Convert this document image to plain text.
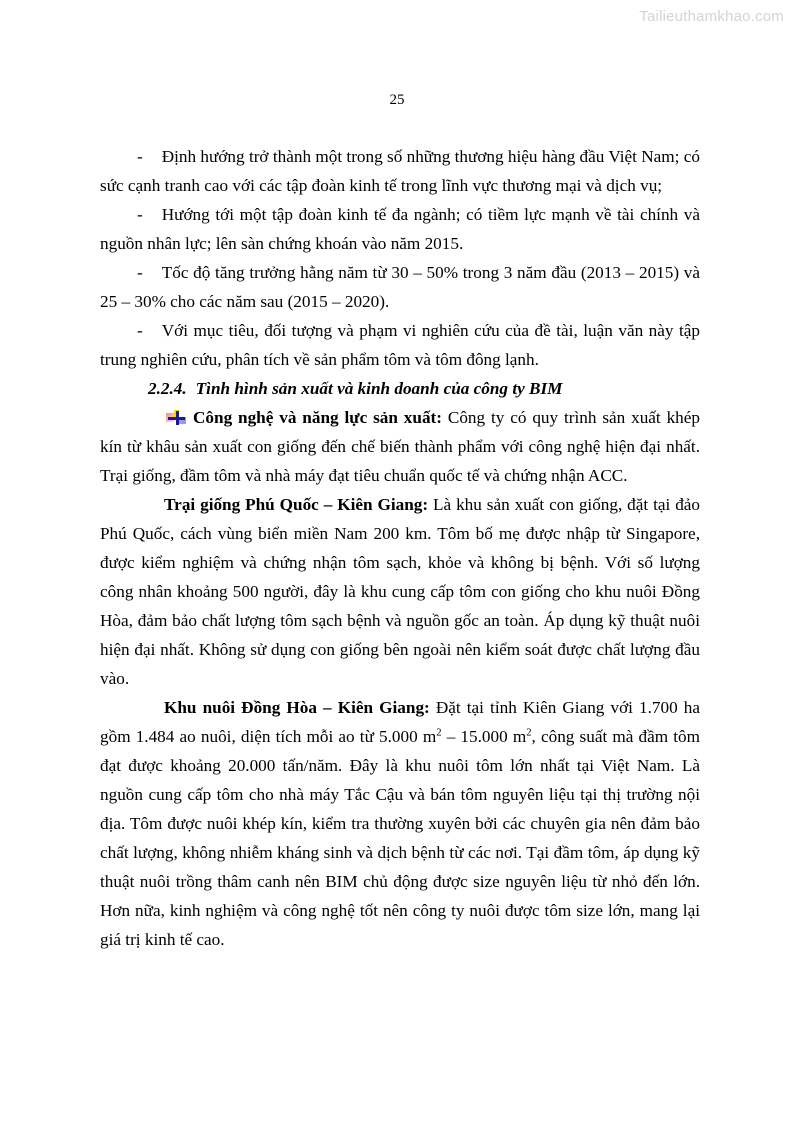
Tailieuthamkhao.com
25

- Định hướng trở thành một trong số những thương hiệu hàng đầu Việt Nam; có sức cạnh tranh cao với các tập đoàn kinh tế trong lĩnh vực thương mại và dịch vụ;

- Hướng tới một tập đoàn kinh tế đa ngành; có tiềm lực mạnh về tài chính và nguồn nhân lực; lên sàn chứng khoán vào năm 2015.

- Tốc độ tăng trưởng hằng năm từ 30 – 50% trong 3 năm đầu (2013 – 2015) và 25 – 30% cho các năm sau (2015 – 2020).

- Với mục tiêu, đối tượng và phạm vi nghiên cứu của đề tài, luận văn này tập trung nghiên cứu, phân tích về sản phẩm tôm và tôm đông lạnh.

2.2.4. Tình hình sản xuất và kinh doanh của công ty BIM

Công nghệ và năng lực sản xuất: Công ty có quy trình sản xuất khép kín từ khâu sản xuất con giống đến chế biến thành phẩm với công nghệ hiện đại nhất. Trại giống, đầm tôm và nhà máy đạt tiêu chuẩn quốc tế và chứng nhận ACC.

Trại giống Phú Quốc – Kiên Giang: Là khu sản xuất con giống, đặt tại đảo Phú Quốc, cách vùng biển miền Nam 200 km. Tôm bố mẹ được nhập từ Singapore, được kiểm nghiệm và chứng nhận tôm sạch, khỏe và không bị bệnh. Với số lượng công nhân khoảng 500 người, đây là khu cung cấp tôm con giống cho khu nuôi Đồng Hòa, đảm bảo chất lượng tôm sạch bệnh và nguồn gốc an toàn. Áp dụng kỹ thuật nuôi hiện đại nhất. Không sử dụng con giống bên ngoài nên kiểm soát được chất lượng đầu vào.

Khu nuôi Đồng Hòa – Kiên Giang: Đặt tại tỉnh Kiên Giang với 1.700 ha gồm 1.484 ao nuôi, diện tích mỗi ao từ 5.000 $m^2 - 15.000$ $m^2$, công suất mà đầm tôm đạt được khoảng 20.000 tấn/năm. Đây là khu nuôi tôm lớn nhất tại Việt Nam. Là nguồn cung cấp tôm cho nhà máy Tắc Cậu và bán tôm nguyên liệu tại thị trường nội địa. Tôm được nuôi khép kín, kiểm tra thường xuyên bởi các chuyên gia nên đảm bảo chất lượng, không nhiễm kháng sinh và dịch bệnh từ các nơi. Tại đầm tôm, áp dụng kỹ thuật nuôi trồng thâm canh nên BIM chủ động được size nguyên liệu từ nhỏ đến lớn. Hơn nữa, kinh nghiệm và công nghệ tốt nên công ty nuôi được tôm size lớn, mang lại giá trị kinh tế cao.
